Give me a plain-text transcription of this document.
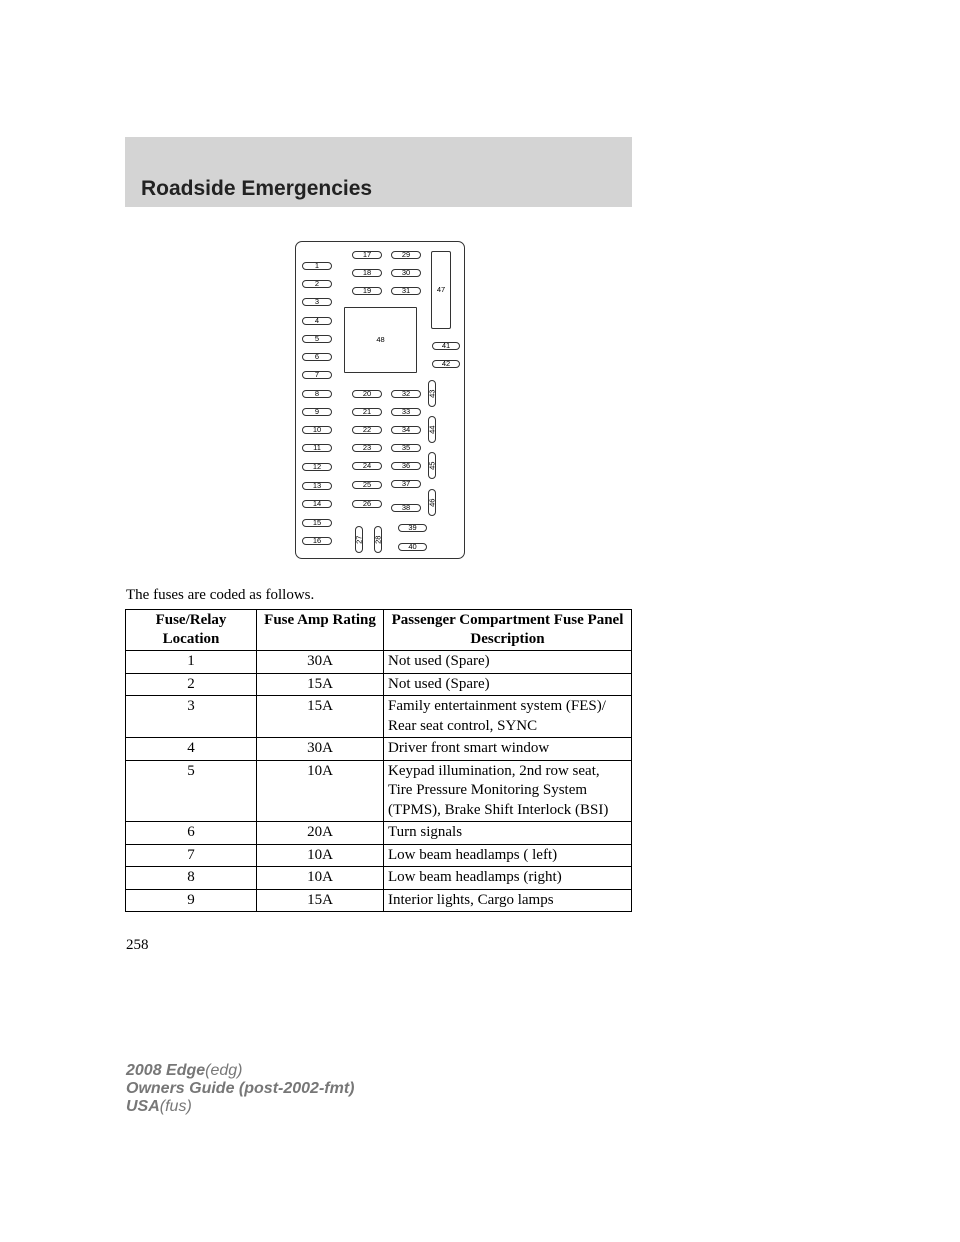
Roadside Emergencies
1
2
3
4
5
6
7
8
9
10
11
12
13
14
15
16
17
18
19
29
30
31
48
47
41
42
20
21
22
23
24
25
26
32
33
34
35
36
37
38
43
44
45
46
27 28
39
40
The fuses are coded as follows.
Fuse/Relay Location	Fuse Amp Rating	Passenger Compartment Fuse Panel Description
1	30A	Not used (Spare)
2	15A	Not used (Spare)
3	15A	Family entertainment system (FES)/ Rear seat control, SYNC
4	30A	Driver front smart window
5	10A	Keypad illumination, 2nd row seat, Tire Pressure Monitoring System (TPMS), Brake Shift Interlock (BSI)
6	20A	Turn signals
7	10A	Low beam headlamps ( left)
8	10A	Low beam headlamps (right)
9	15A	Interior lights, Cargo lamps
258
2008 Edge(edg)
Owners Guide (post-2002-fmt)
USA(fus)
